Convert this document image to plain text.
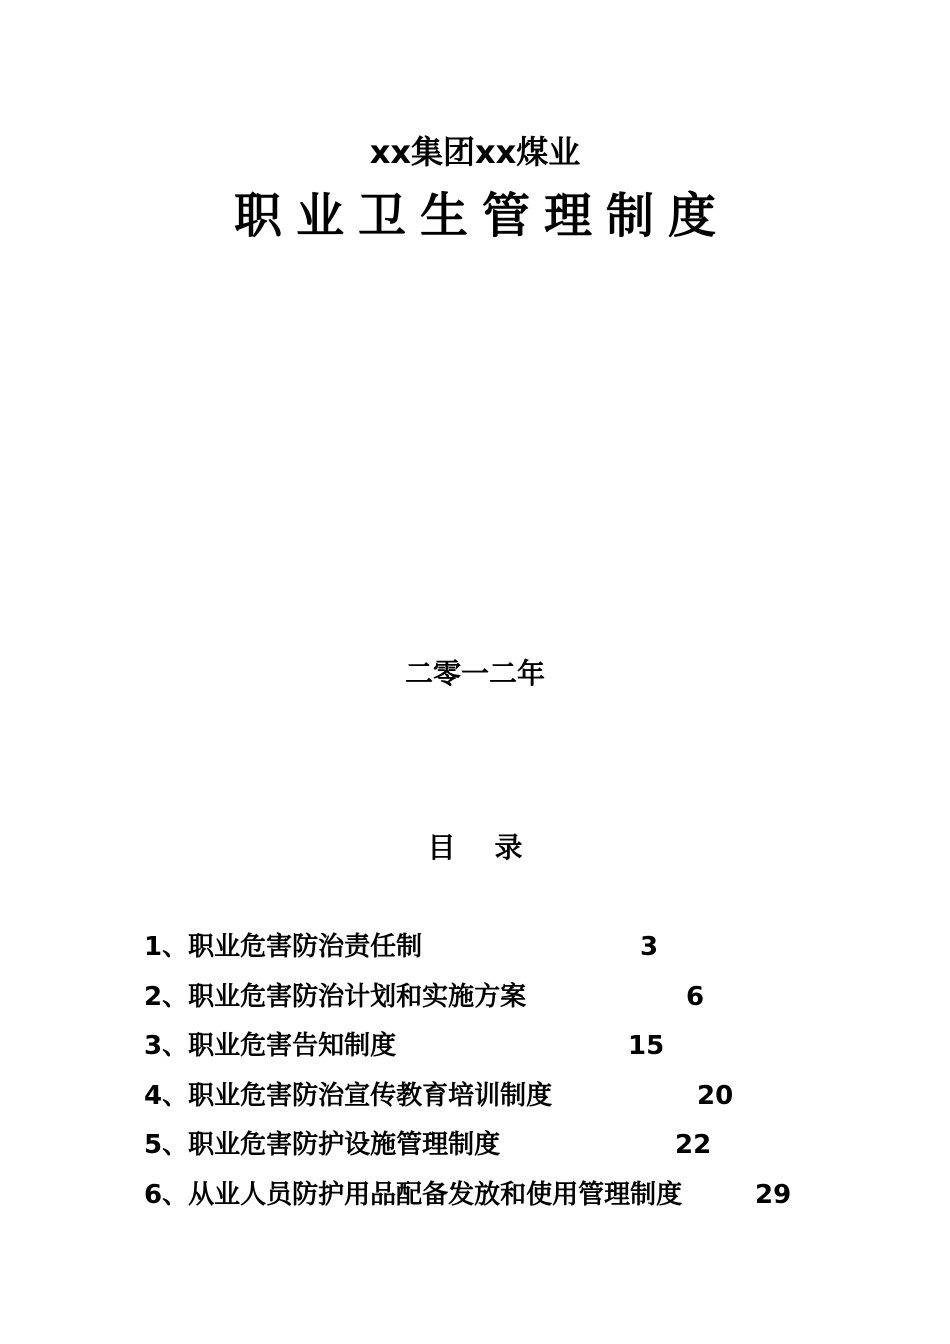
xx集团xx煤业
职业卫生管理制度
二零一二年
目    录
1、职业危害防治责任制	3
2、职业危害防治计划和实施方案	6
3、职业危害告知制度	15
4、职业危害防治宣传教育培训制度	20
5、职业危害防护设施管理制度	22
6、从业人员防护用品配备发放和使用管理制度	29
